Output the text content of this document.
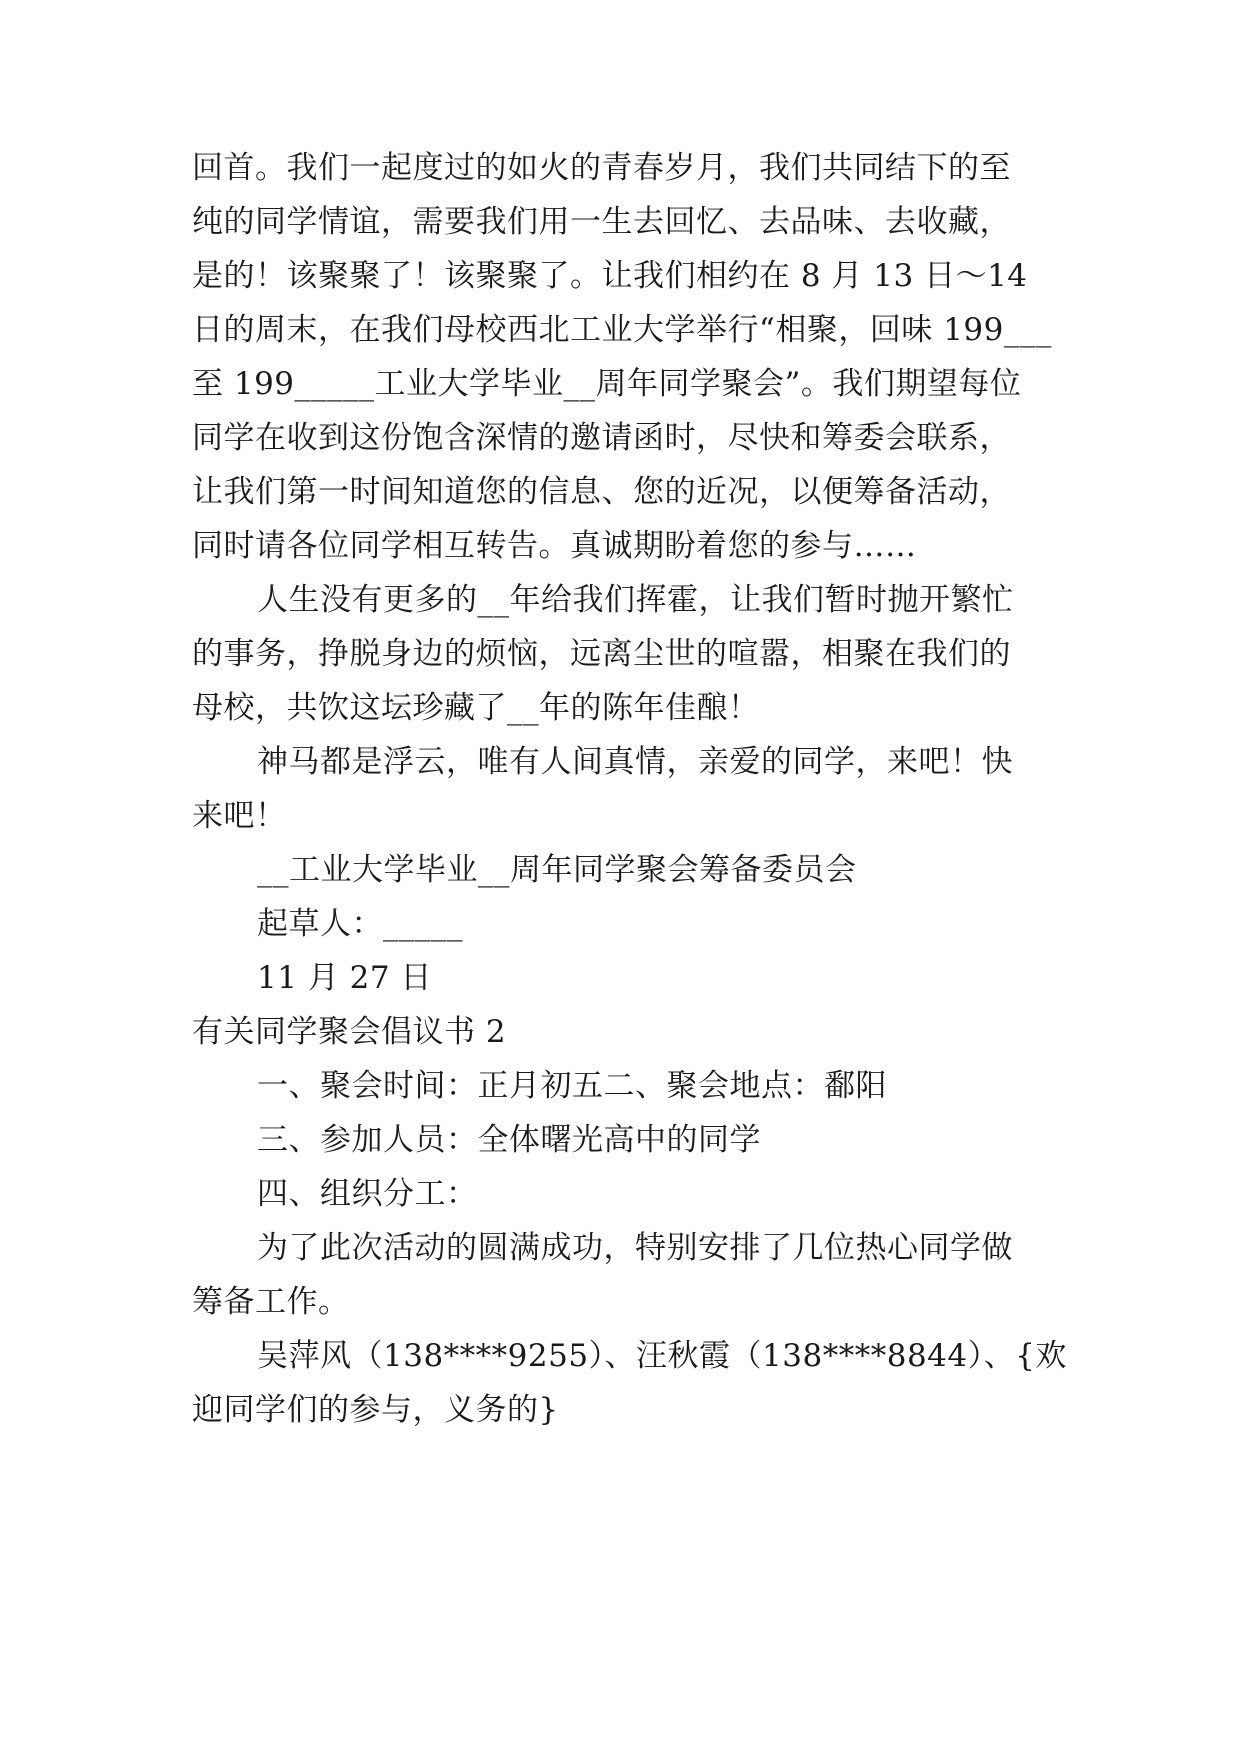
回首。我们一起度过的如火的青春岁月，我们共同结下的至
纯的同学情谊，需要我们用一生去回忆、去品味、去收藏，
是的！该聚聚了！该聚聚了。让我们相约在 8 月 13 日～14
日的周末，在我们母校西北工业大学举行“相聚，回味 199___
至 199_____工业大学毕业__周年同学聚会”。我们期望每位
同学在收到这份饱含深情的邀请函时，尽快和筹委会联系，
让我们第一时间知道您的信息、您的近况，以便筹备活动，
同时请各位同学相互转告。真诚期盼着您的参与……
人生没有更多的__年给我们挥霍，让我们暂时抛开繁忙
的事务，挣脱身边的烦恼，远离尘世的喧嚣，相聚在我们的
母校，共饮这坛珍藏了__年的陈年佳酿！
神马都是浮云，唯有人间真情，亲爱的同学，来吧！快
来吧！
__工业大学毕业__周年同学聚会筹备委员会
起草人：_____
11 月 27 日
有关同学聚会倡议书 2
一、聚会时间：正月初五二、聚会地点：鄱阳
三、参加人员：全体曙光高中的同学
四、组织分工：
为了此次活动的圆满成功，特别安排了几位热心同学做
筹备工作。
吴萍风（138****9255）、汪秋霞（138****8844）、{欢
迎同学们的参与，义务的}
